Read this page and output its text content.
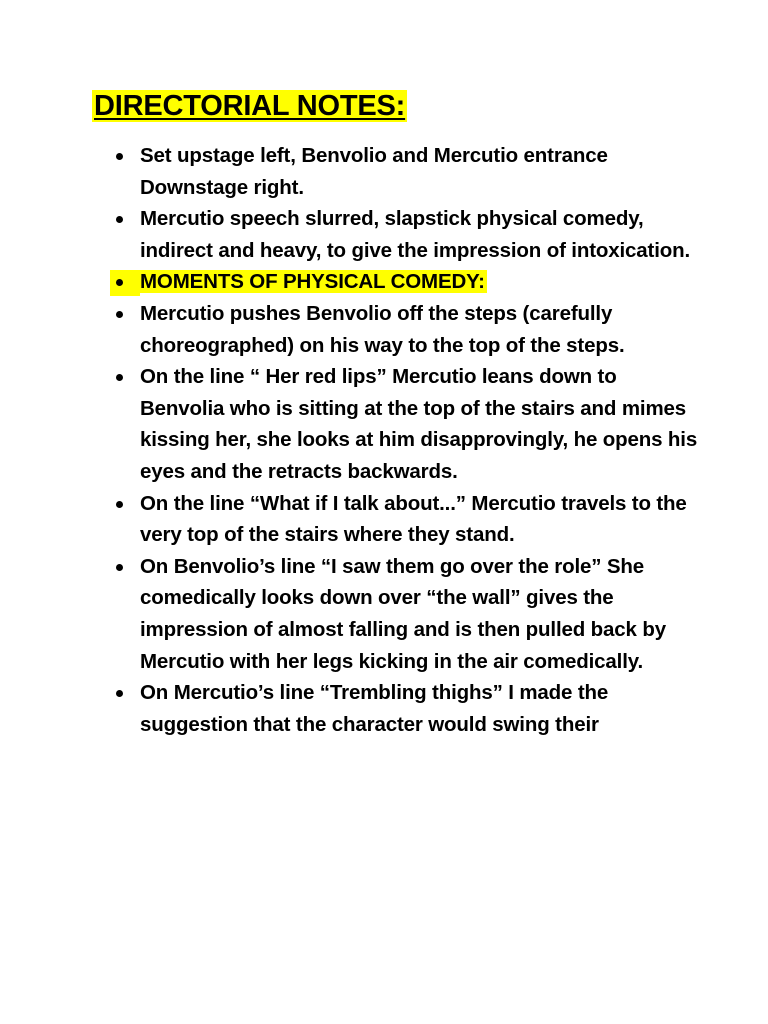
DIRECTORIAL NOTES:
Set upstage left, Benvolio and Mercutio entrance Downstage right.
Mercutio speech slurred, slapstick physical comedy, indirect and heavy, to give the impression of intoxication.
MOMENTS OF PHYSICAL COMEDY:
Mercutio pushes Benvolio off the steps (carefully choreographed) on his way to the top of the steps.
On the line “ Her red lips” Mercutio leans down to Benvolia who is sitting at the top of the stairs and mimes kissing her, she looks at him disapprovingly, he opens his eyes and the retracts backwards.
On the line “What if I talk about...” Mercutio travels to the very top of the stairs where they stand.
On Benvolio’s line “I saw them go over the role” She comedically looks down over “the wall” gives the impression of almost falling and is then pulled back by Mercutio with her legs kicking in the air comedically.
On Mercutio’s line “Trembling thighs” I made the suggestion that the character would swing their
